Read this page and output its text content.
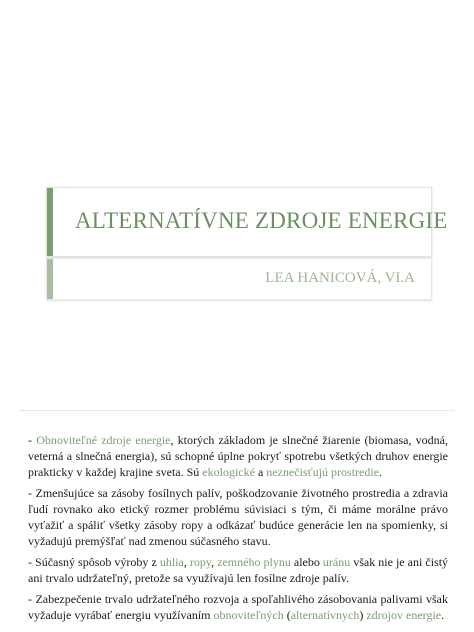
ALTERNATÍVNE ZDROJE ENERGIE
LEA HANICOVÁ, VI.A

- Obnoviteľné zdroje energie, ktorých základom je slnečné žiarenie (biomasa, vodná, veterná a slnečná energia), sú schopné úplne pokryť spotrebu všetkých druhov energie prakticky v každej krajine sveta. Sú ekologické a neznečisťujú prostredie.

- Zmenšujúce sa zásoby fosílnych palív, poškodzovanie životného prostredia a zdravia ľudí rovnako ako etický rozmer problému súvisiaci s tým, či máme morálne právo vyťažiť a spáliť všetky zásoby ropy a odkázať budúce generácie len na spomienky, si vyžadujú premýšľať nad zmenou súčasného stavu.

- Súčasný spôsob výroby z uhlia, ropy, zemného plynu alebo uránu však nie je ani čistý ani trvalo udržateľný, pretože sa využívajú len fosílne zdroje palív.

- Zabezpečenie trvalo udržateľného rozvoja a spoľahlivého zásobovania palivami však vyžaduje vyrábať energiu využívaním obnoviteľných (alternatívnych) zdrojov energie.
